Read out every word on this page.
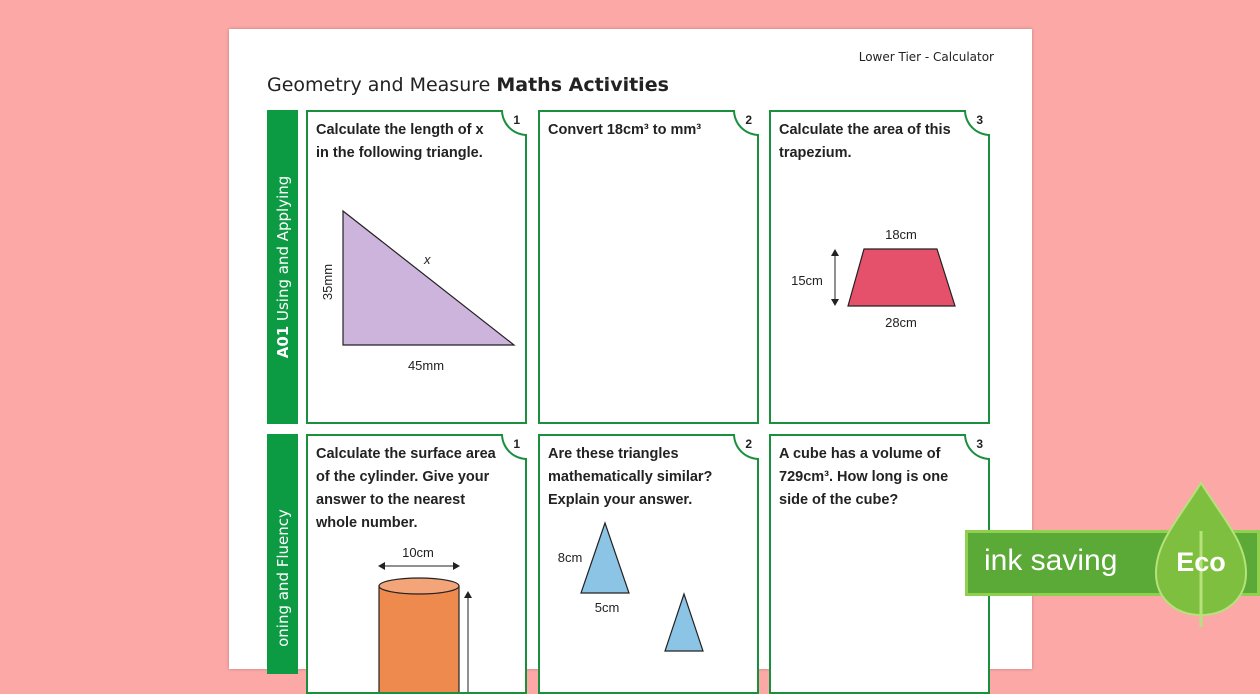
Lower Tier - Calculator
Geometry and Measure Maths Activities
A01 Using and Applying
oning and Fluency
1

Calculate the length of x in the following triangle.

x
35mm
45mm
2

Convert 18cm³ to mm³

3

Calculate the area of this trapezium.

18cm
15cm
28cm
1

Calculate the surface area of the cylinder. Give your answer to the nearest whole number.

10cm
2

Are these triangles mathematically similar? Explain your answer.

8cm
5cm
3

A cube has a volume of 729cm³. How long is one side of the cube?

ink saving Eco
